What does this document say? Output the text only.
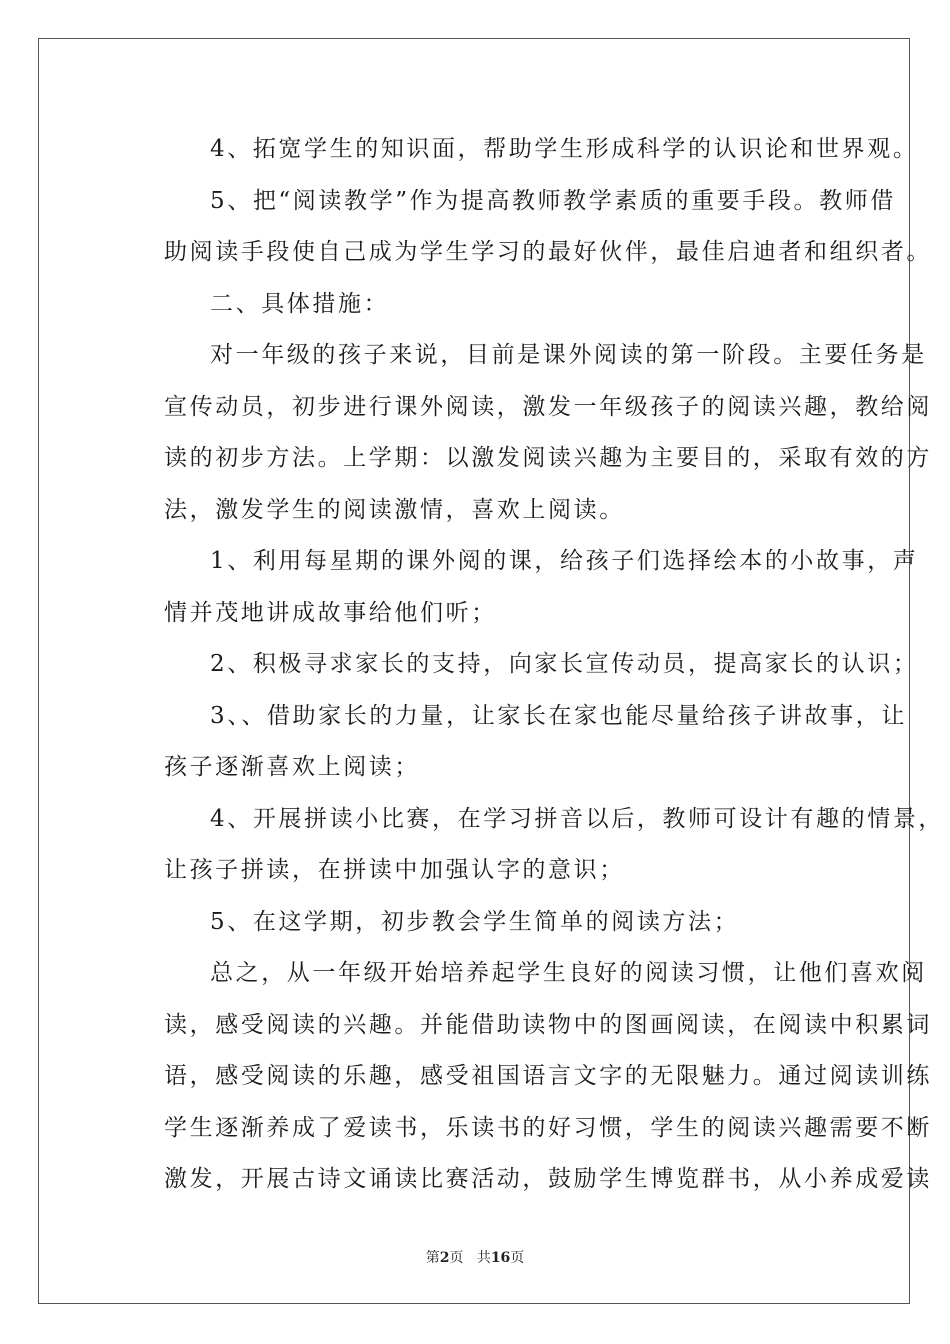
4、拓宽学生的知识面，帮助学生形成科学的认识论和世界观。
5、把“阅读教学”作为提高教师教学素质的重要手段。教师借
助阅读手段使自己成为学生学习的最好伙伴，最佳启迪者和组织者。
二、具体措施：
对一年级的孩子来说，目前是课外阅读的第一阶段。主要任务是
宣传动员，初步进行课外阅读，激发一年级孩子的阅读兴趣，教给阅
读的初步方法。上学期：以激发阅读兴趣为主要目的，采取有效的方
法，激发学生的阅读激情，喜欢上阅读。
1、利用每星期的课外阅的课，给孩子们选择绘本的小故事，声
情并茂地讲成故事给他们听；
2、积极寻求家长的支持，向家长宣传动员，提高家长的认识；
3、、借助家长的力量，让家长在家也能尽量给孩子讲故事，让
孩子逐渐喜欢上阅读；
4、开展拼读小比赛，在学习拼音以后，教师可设计有趣的情景，
让孩子拼读，在拼读中加强认字的意识；
5、在这学期，初步教会学生简单的阅读方法；
总之，从一年级开始培养起学生良好的阅读习惯，让他们喜欢阅
读，感受阅读的兴趣。并能借助读物中的图画阅读，在阅读中积累词
语，感受阅读的乐趣，感受祖国语言文字的无限魅力。通过阅读训练
学生逐渐养成了爱读书，乐读书的好习惯，学生的阅读兴趣需要不断
激发，开展古诗文诵读比赛活动，鼓励学生博览群书，从小养成爱读
第2页 共16页
